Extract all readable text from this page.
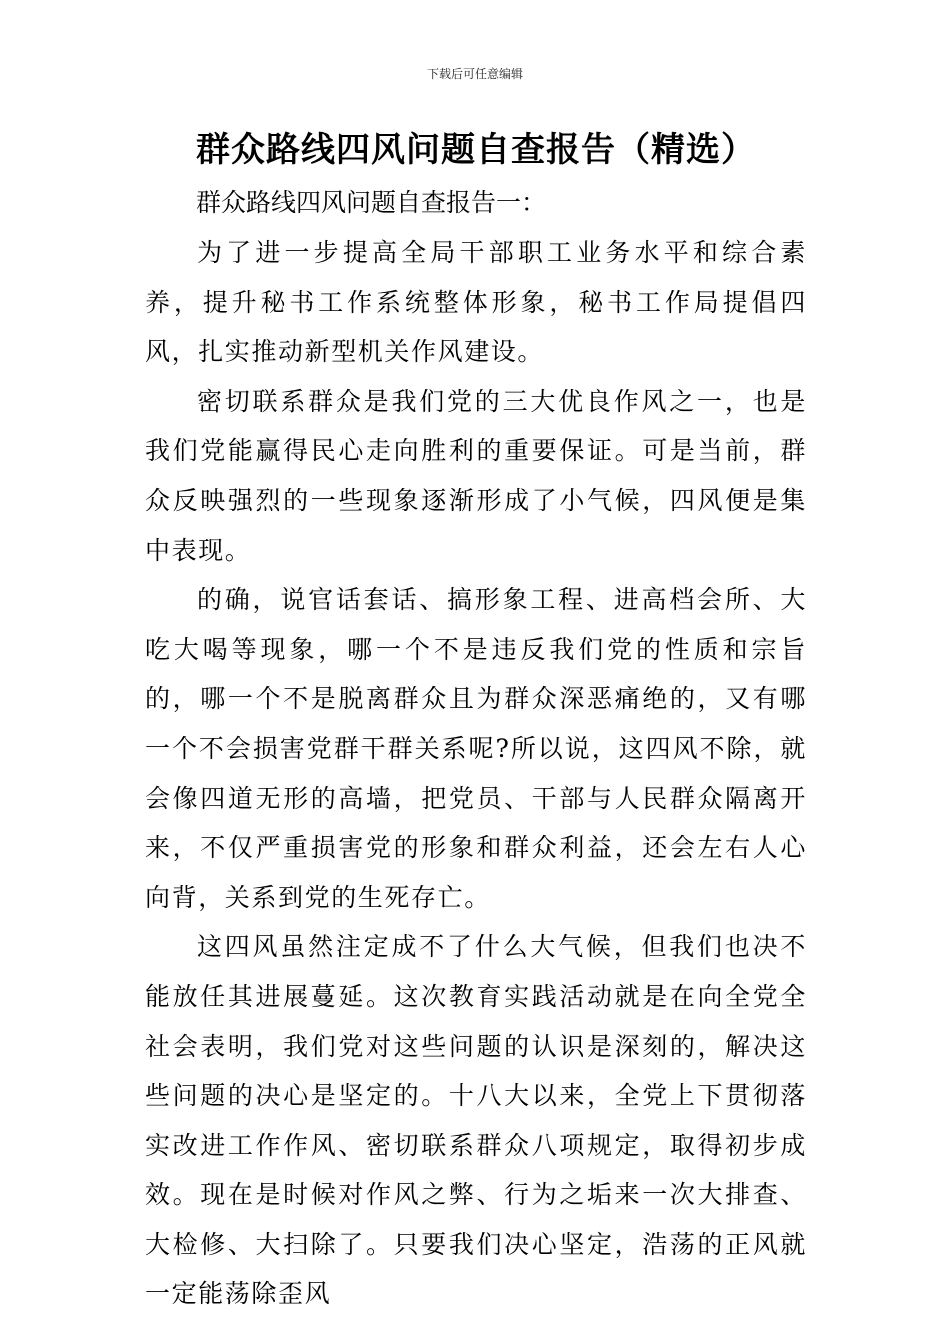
下载后可任意编辑
群众路线四风问题自查报告（精选）
群众路线四风问题自查报告一：

为了进一步提高全局干部职工业务水平和综合素养，提升秘书工作系统整体形象，秘书工作局提倡四风，扎实推动新型机关作风建设。

密切联系群众是我们党的三大优良作风之一，也是我们党能赢得民心走向胜利的重要保证。可是当前，群众反映强烈的一些现象逐渐形成了小气候，四风便是集中表现。

的确，说官话套话、搞形象工程、进高档会所、大吃大喝等现象，哪一个不是违反我们党的性质和宗旨的，哪一个不是脱离群众且为群众深恶痛绝的，又有哪一个不会损害党群干群关系呢?所以说，这四风不除，就会像四道无形的高墙，把党员、干部与人民群众隔离开来，不仅严重损害党的形象和群众利益，还会左右人心向背，关系到党的生死存亡。

这四风虽然注定成不了什么大气候，但我们也决不能放任其进展蔓延。这次教育实践活动就是在向全党全社会表明，我们党对这些问题的认识是深刻的，解决这些问题的决心是坚定的。十八大以来，全党上下贯彻落实改进工作作风、密切联系群众八项规定，取得初步成效。现在是时候对作风之弊、行为之垢来一次大排查、大检修、大扫除了。只要我们决心坚定，浩荡的正风就一定能荡除歪风
